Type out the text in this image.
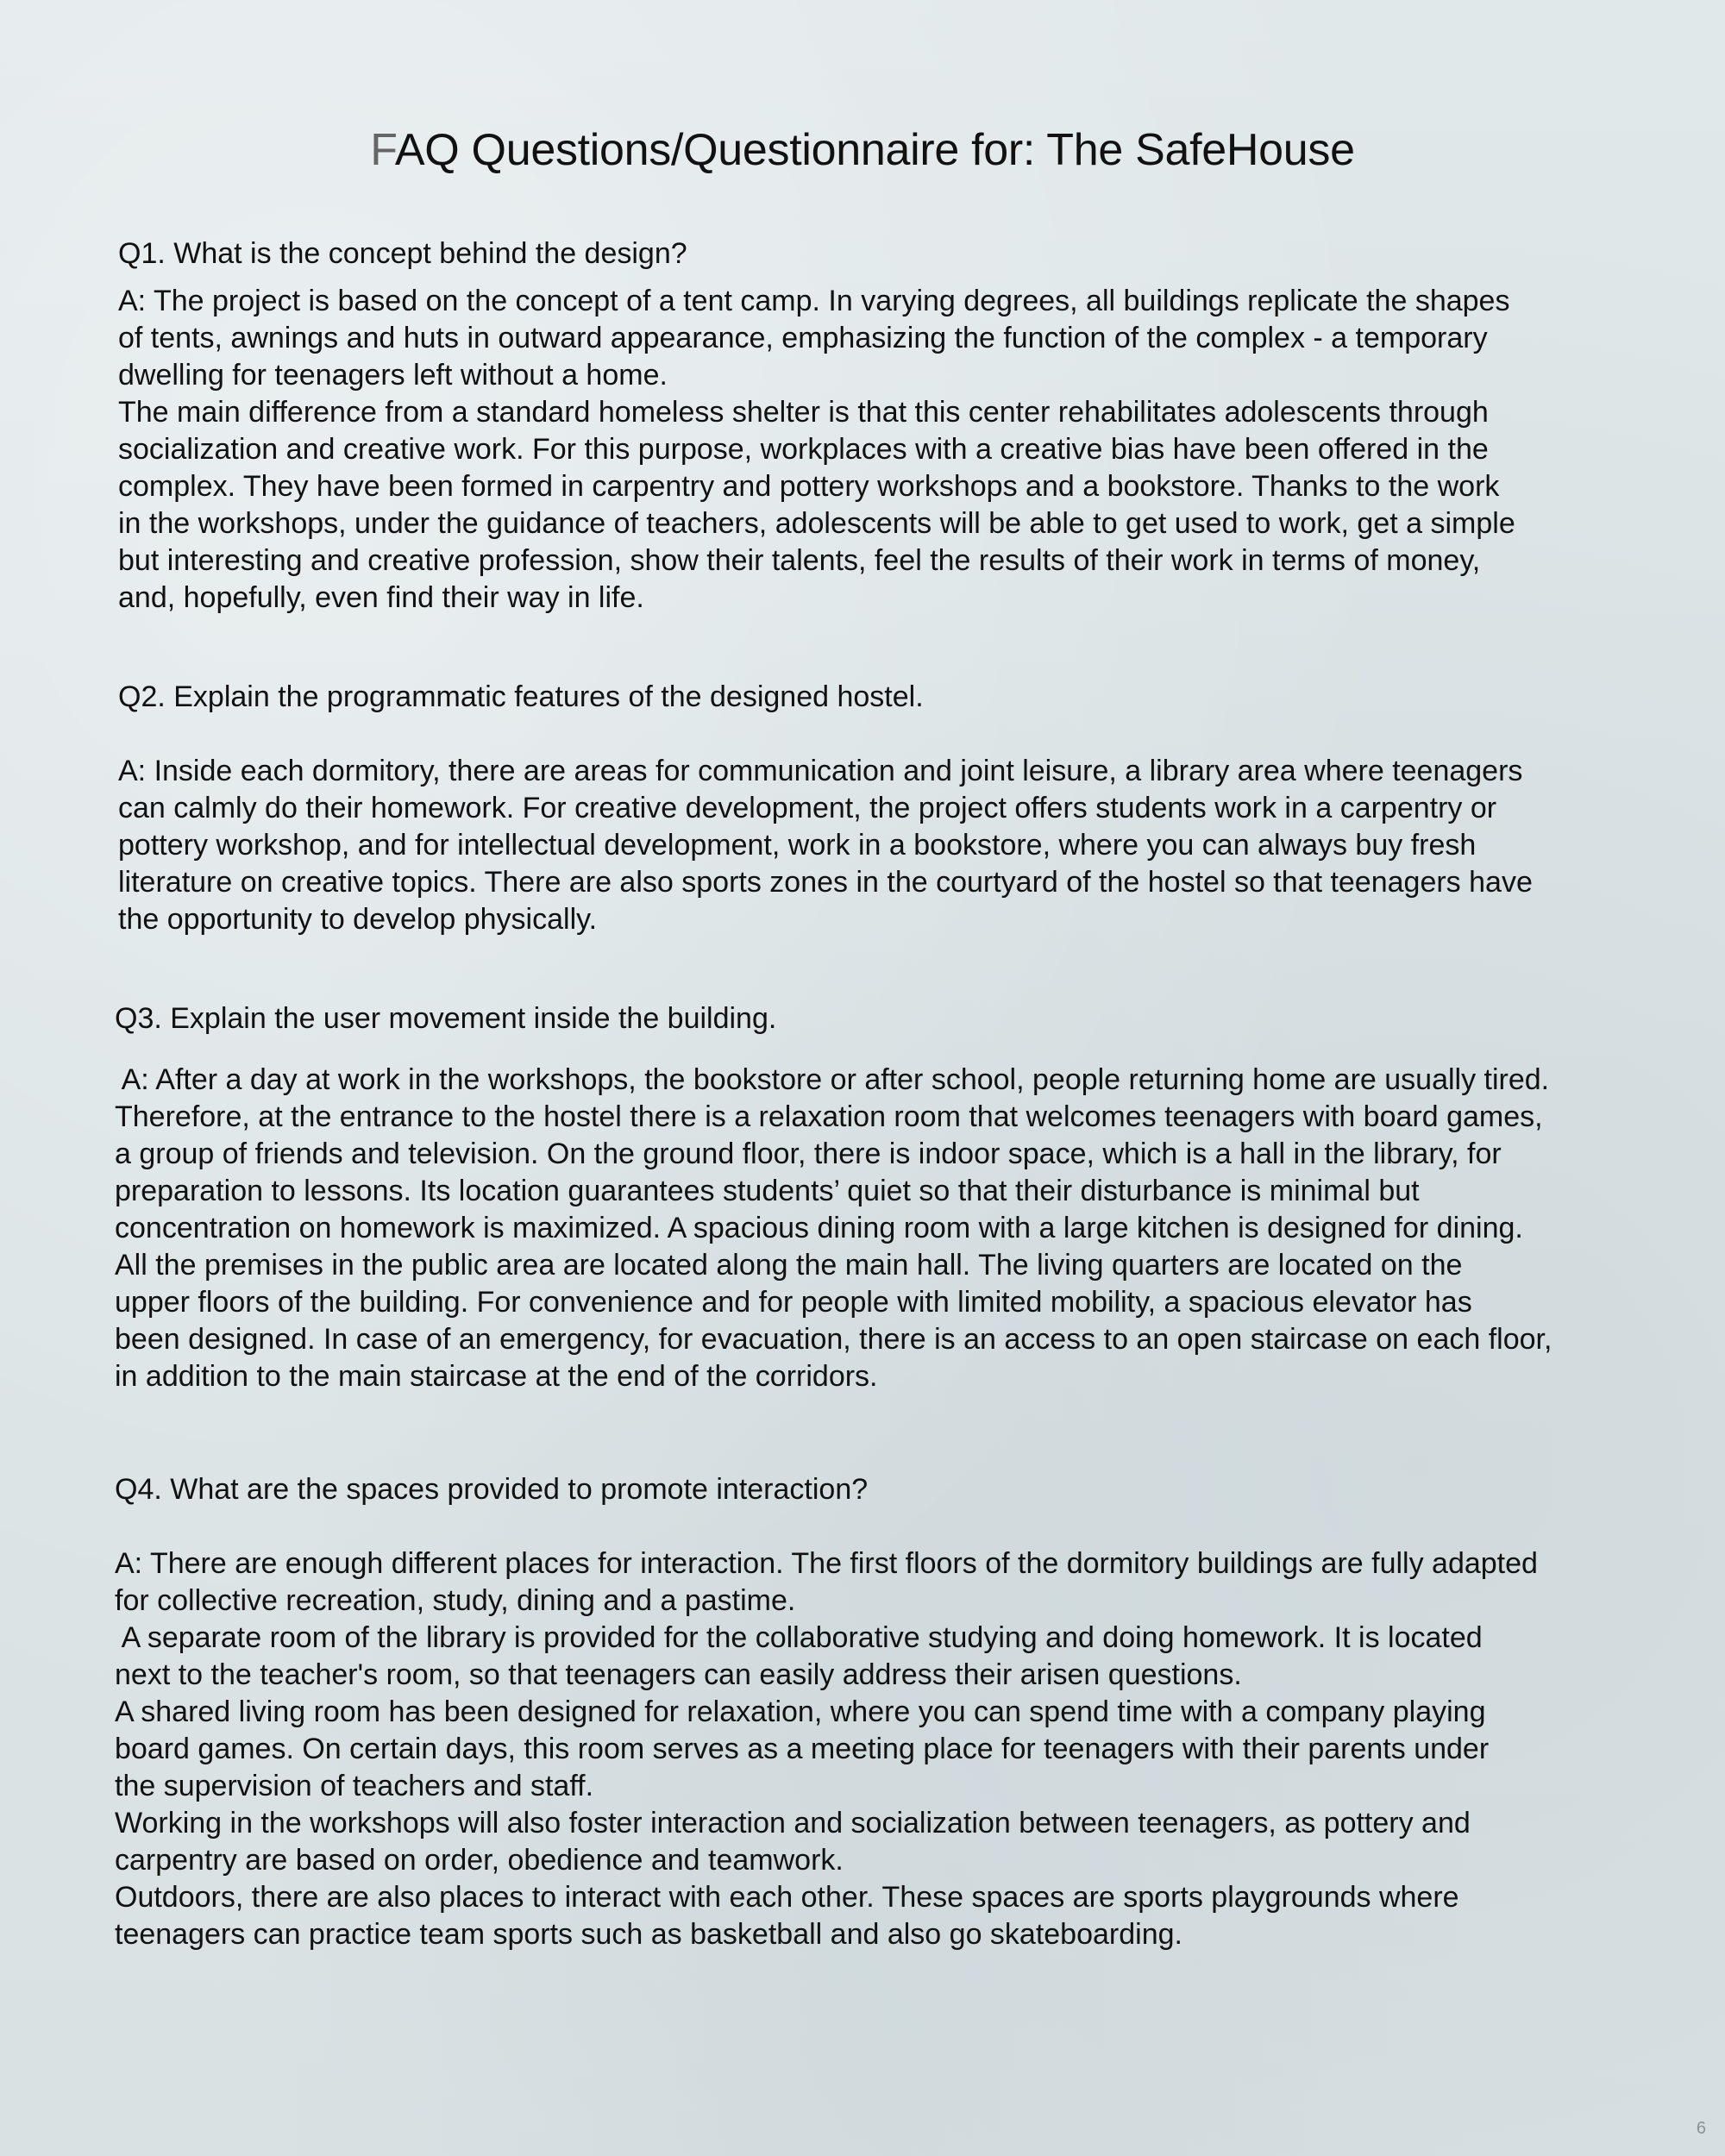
FAQ Questions/Questionnaire for: The SafeHouse

Q1. What is the concept behind the design?

A: The project is based on the concept of a tent camp. In varying degrees, all buildings replicate the shapes
of tents, awnings and huts in outward appearance, emphasizing the function of the complex - a temporary
dwelling for teenagers left without a home.
The main difference from a standard homeless shelter is that this center rehabilitates adolescents through
socialization and creative work. For this purpose, workplaces with a creative bias have been offered in the
complex. They have been formed in carpentry and pottery workshops and a bookstore. Thanks to the work
in the workshops, under the guidance of teachers, adolescents will be able to get used to work, get a simple
but interesting and creative profession, show their talents, feel the results of their work in terms of money,
and, hopefully, even find their way in life.

Q2. Explain the programmatic features of the designed hostel.

A: Inside each dormitory, there are areas for communication and joint leisure, a library area where teenagers
can calmly do their homework. For creative development, the project offers students work in a carpentry or
pottery workshop, and for intellectual development, work in a bookstore, where you can always buy fresh
literature on creative topics. There are also sports zones in the courtyard of the hostel so that teenagers have
the opportunity to develop physically.

Q3. Explain the user movement inside the building.

A: After a day at work in the workshops, the bookstore or after school, people returning home are usually tired.
Therefore, at the entrance to the hostel there is a relaxation room that welcomes teenagers with board games,
a group of friends and television. On the ground floor, there is indoor space, which is a hall in the library, for
preparation to lessons. Its location guarantees students’ quiet so that their disturbance is minimal but
concentration on homework is maximized. A spacious dining room with a large kitchen is designed for dining.
All the premises in the public area are located along the main hall. The living quarters are located on the
upper floors of the building. For convenience and for people with limited mobility, a spacious elevator has
been designed. In case of an emergency, for evacuation, there is an access to an open staircase on each floor,
in addition to the main staircase at the end of the corridors.

Q4. What are the spaces provided to promote interaction?

A: There are enough different places for interaction. The first floors of the dormitory buildings are fully adapted
for collective recreation, study, dining and a pastime.
A separate room of the library is provided for the collaborative studying and doing homework. It is located
next to the teacher's room, so that teenagers can easily address their arisen questions.
A shared living room has been designed for relaxation, where you can spend time with a company playing
board games. On certain days, this room serves as a meeting place for teenagers with their parents under
the supervision of teachers and staff.
Working in the workshops will also foster interaction and socialization between teenagers, as pottery and
carpentry are based on order, obedience and teamwork.
Outdoors, there are also places to interact with each other. These spaces are sports playgrounds where
teenagers can practice team sports such as basketball and also go skateboarding.
6
